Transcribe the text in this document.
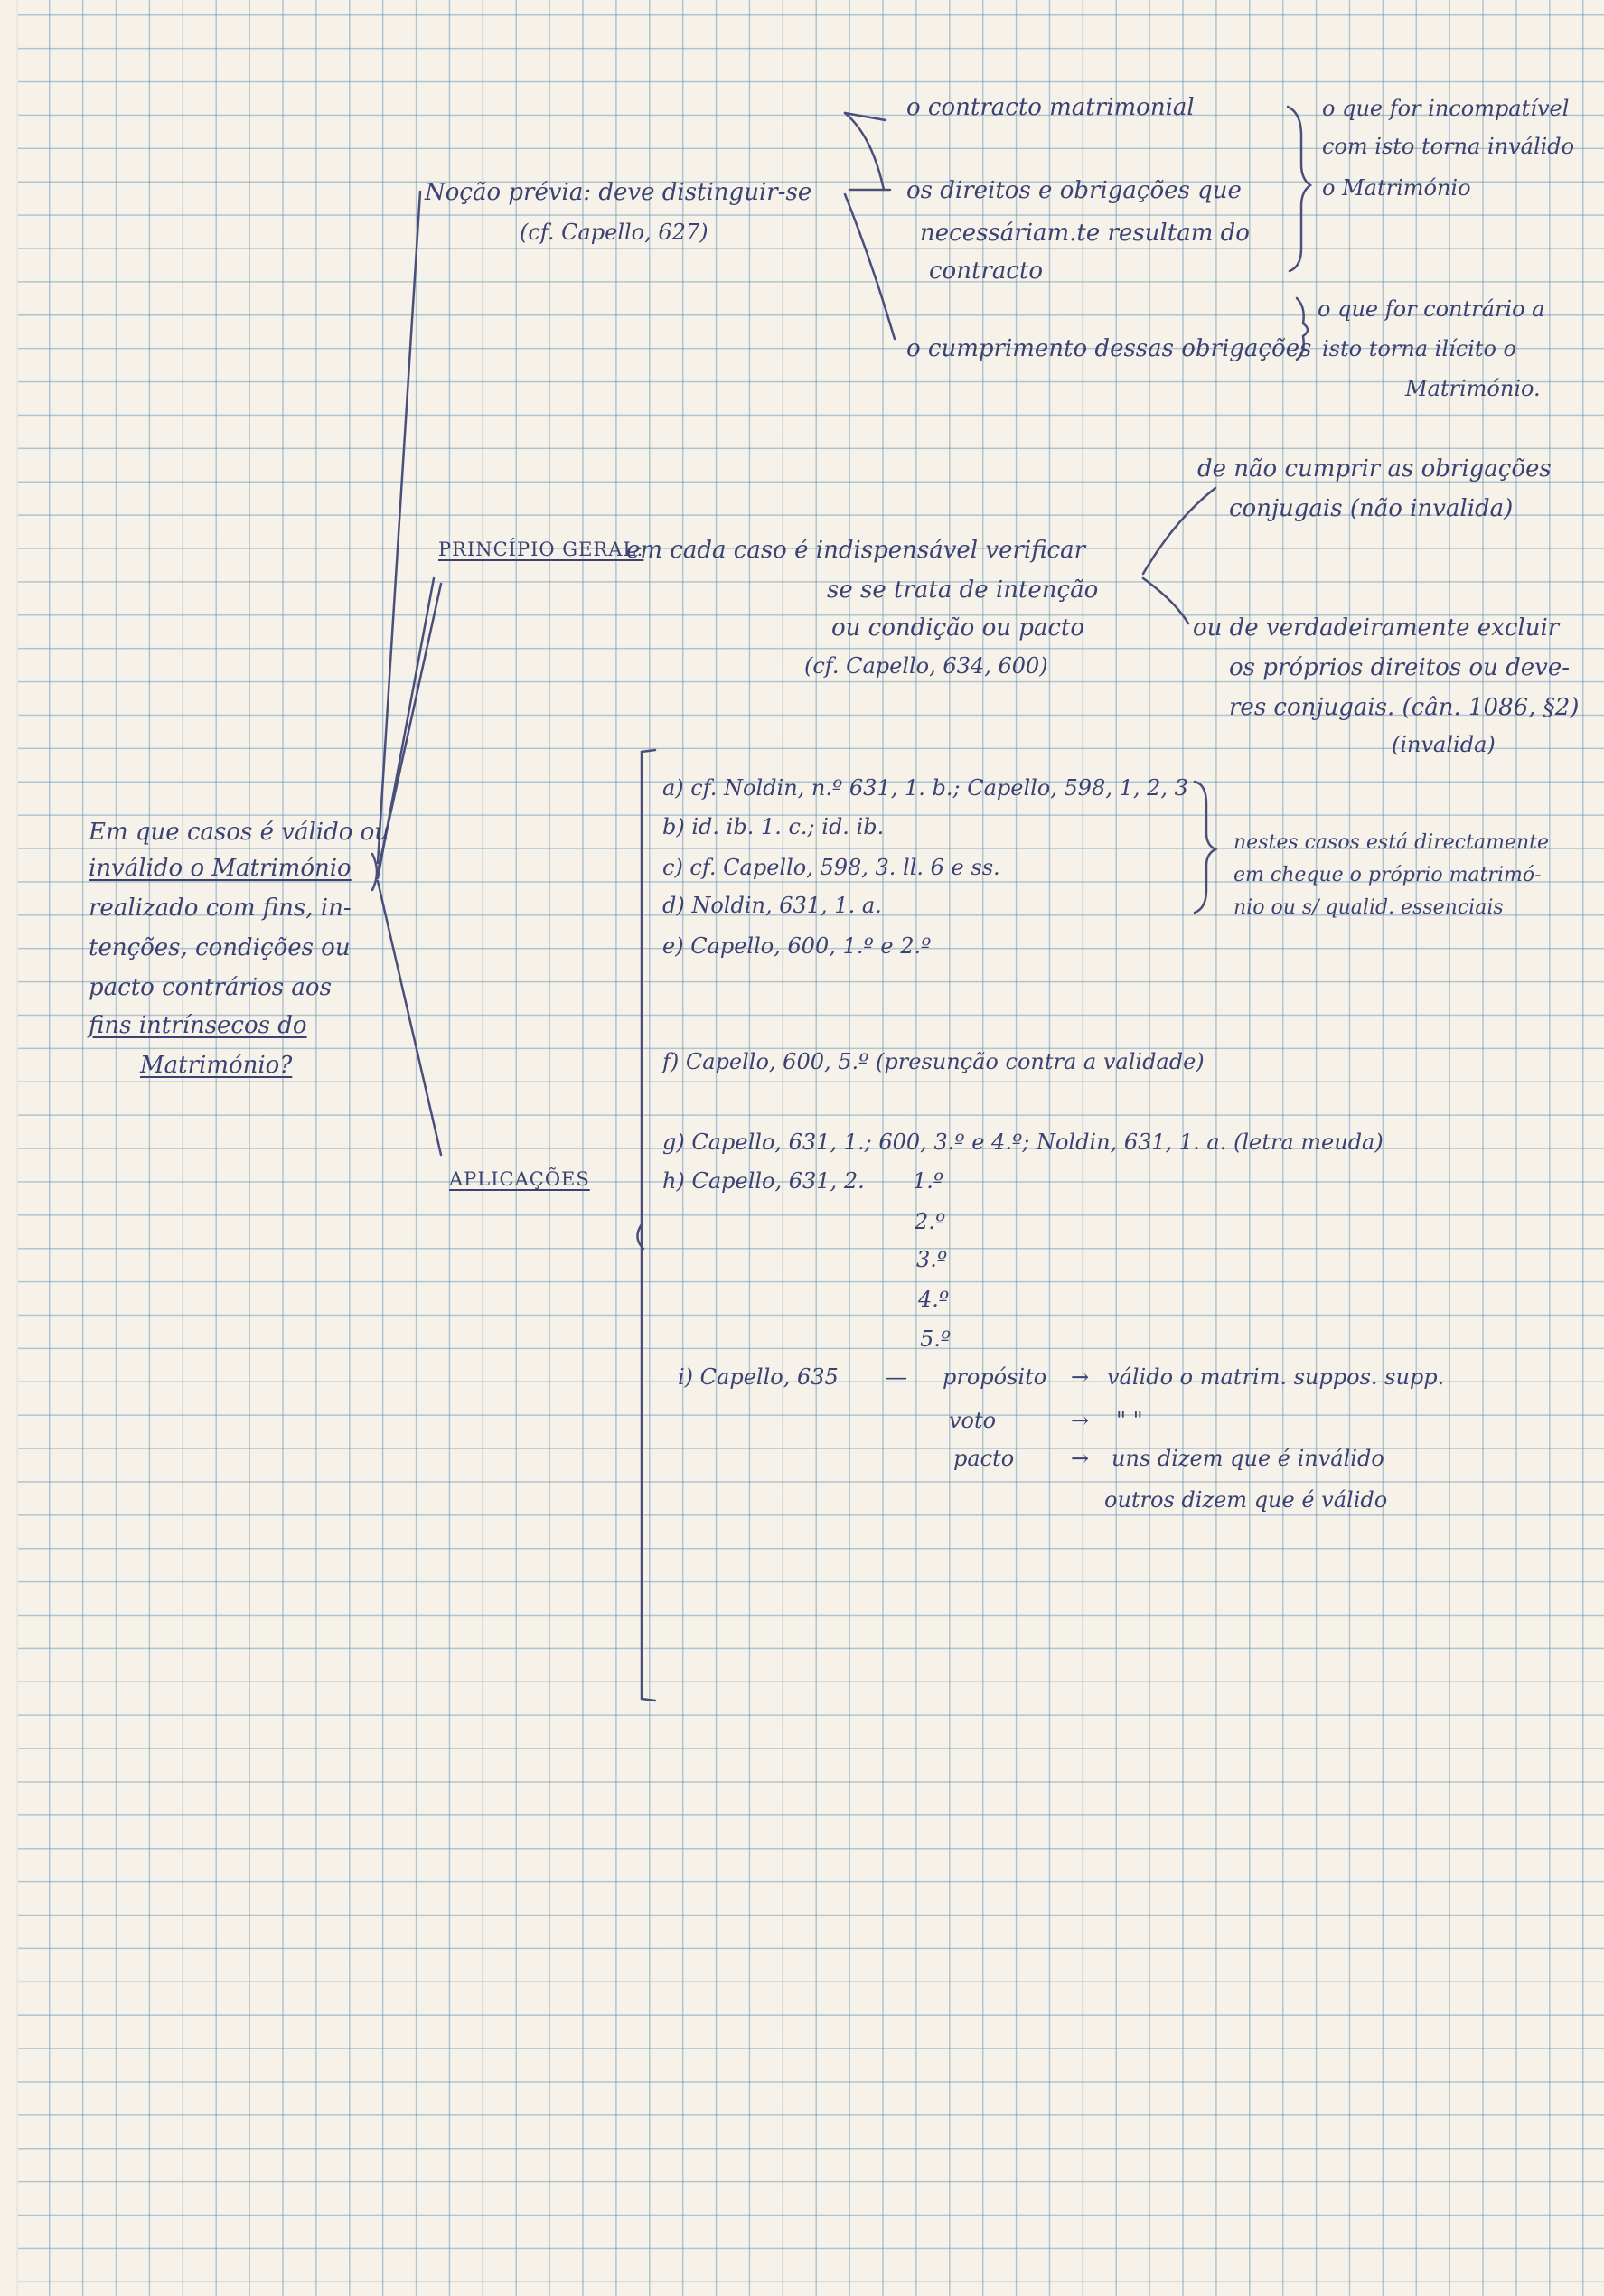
Em que casos é válido ou
inválido o Matrimónio
realizado com fins, in-
tenções, condições ou
pacto contrários aos
fins intrínsecos do
Matrimónio?
Noção prévia: deve distinguir-se
(cf. Capello, 627)
o contracto matrimonial
os direitos e obrigações que
necessáriam.te resultam do
contracto
o cumprimento dessas obrigações
o que for incompatível
com isto torna inválido
o Matrimónio
o que for contrário a
isto torna ilícito o
Matrimónio.
PRINCÍPIO GERAL:
em cada caso é indispensável verificar
se se trata de intenção
ou condição ou pacto
(cf. Capello, 634, 600)
de não cumprir as obrigações
conjugais (não invalida)
ou de verdadeiramente excluir
os próprios direitos ou deve-
res conjugais. (cân. 1086, §2)
(invalida)
APLICAÇÕES
a) cf. Noldin, n.º 631, 1. b.; Capello, 598, 1, 2, 3
b) id. ib. 1. c.; id. ib.
c) cf. Capello, 598, 3. ll. 6 e ss.
d) Noldin, 631, 1. a.
e) Capello, 600, 1.º e 2.º
nestes casos está directamente
em cheque o próprio matrimó-
nio ou s/ qualid. essenciais
f) Capello, 600, 5.º (presunção contra a validade)
g) Capello, 631, 1.; 600, 3.º e 4.º; Noldin, 631, 1. a. (letra meuda)
h) Capello, 631, 2. 1.º
2.º
3.º
4.º
5.º
i) Capello, 635 — propósito → válido o matrim. suppos. supp.
voto	→ " "
pacto	→ uns dizem que é inválido
outros dizem que é válido
